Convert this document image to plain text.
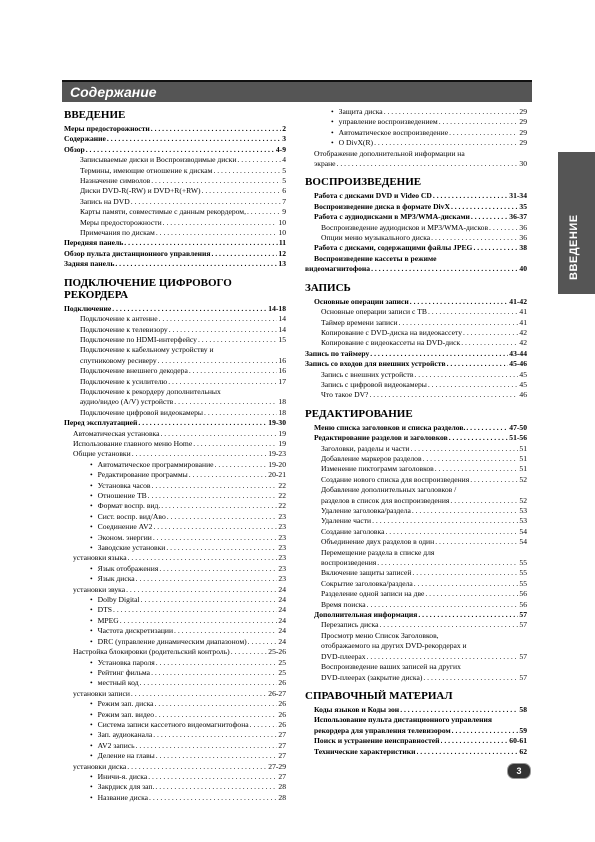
Содержание
ВВЕДЕНИЕ
ВВЕДЕНИЕ
Меры предосторожности . . .	2
Содержание . . .	3
Обзор . . .	4-9
Записываемые диски и Воспроизводимые диски . . .	4
Термины, имеющие отношение к дискам . . .	5
Назначение символов . . .	5
Диски DVD-R(-RW) и DVD+R(+RW) . . .	6
Запись на DVD . . .	7
Карты памяти, совместимые с данным рекордером, . . .	9
Меры предосторожности . . .	10
Примечания по дискам . . .	10
Передняя панель . . .	11
Обзор пульта дистанционного управления . . .	12
Задняя панель . . .	13
ПОДКЛЮЧЕНИЕ ЦИФРОВОГО РЕКОРДЕРА
Подключение . . .	14-18
Подключение к антенне . . .	14
Подключение к телевизору . . .	14
Подключение по HDMI-интерфейсу . . .	15
Подключение к кабельному устройству и
спутниковому ресиверу . . .	16
Подключение внешнего декодера . . .	16
Подключение к усилителю . . .	17
Подключение к рекордеру дополнительных
аудио/видео (A/V) устройств . . .	18
Подключение цифровой видеокамеры . . .	18
Перед эксплуатацией . . .	19-30
Автоматическая установка . . .	19
Использование главного меню Home . . .	19
Общие установки . . .	19-23
• Автоматическое программирование . . .	19-20
• Редактирование программы . . .	20-21
• Установка часов . . .	22
• Отношение ТВ . . .	22
• Формат воспр. вид. . . .	22
• Сист. воспр. вид/Aвo . . .	23
• Соединение AV2 . . .	23
• Эконом. энергии . . .	23
• Заводские установки . . .	23
установки языка . . .	23
• Язык отображения . . .	23
• Язык диска . . .	23
установки звука . . .	24
• Dolby Digital . . .	24
• DTS . . .	24
• MPEG . . .	24
• Частота дискретизации . . .	24
• DRC (управление динамическим диапазоном) . . .	24
Настройка блокировки (родительский контроль) . . .	25-26
• Установка пароля . . .	25
• Рейтинг фильма . . .	25
• местный код . . .	26
установки записи . . .	26-27
• Режим зап. диска . . .	26
• Режим зап. видео . . .	26
• Система записи кассетного видеомагнитофона . . .	26
• Зап. аудиоканала . . .	27
• AV2 запись . . .	27
• Деление на главы . . .	27
установки диска . . .	27-29
• Иничи-я. диска . . .	27
• Закрдиск для зап. . . .	28
• Название диска . . .	28
• Защита диска . . .	29
• управление воспроизведением . . .	29
• Автоматическое воспроизведение . . .	29
• O DivX(R) . . .	29
Отображение дополнительной информации на
экране . . .	30
ВОСПРОИЗВЕДЕНИЕ
Работа с дисками DVD и Video CD . . .	31-34
Воспроизведение диска в формате DivX . . .	35
Работа с аудиодисками в MP3/WMA-дисками . . .	36-37
Воспроизведение аудиодисков и MP3/WMA-дисков . . .	36
Опции меню музыкального диска . . .	36
Работа с дисками, содержащими файлы JPEG . . .	38
Воспроизведение кассеты в режиме
видеомагнитофона . . .	40
ЗАПИСЬ
Основные операции записи . . .	41-42
Основные операции записи с ТВ . . .	41
Таймер времени записи . . .	41
Копирование с DVD-диска на видеокассету . . .	42
Копирование с видеокассеты на DVD-диск . . .	42
Запись по таймеру . . .	43-44
Запись со входов для внешних устройств . . .	45-46
Запись с внешних устройств . . .	45
Запись с цифровой видеокамеры . . .	45
Что такое DV? . . .	46
РЕДАКТИРОВАНИЕ
Меню списка заголовков и списка разделов. . . .	47-50
Редактирование разделов и заголовков . . .	51-56
Заголовки, разделы и части . . .	51
Добавление маркеров разделов . . .	51
Изменение пиктограмм заголовков . . .	51
Создание нового списка для воспроизведения . . .	52
Добавление дополнительных заголовков /
разделов в список для воспроизведения . . .	52
Удаление заголовка/раздела . . .	53
Удаление части . . .	53
Создание заголовка . . .	54
Объединение двух разделов в один . . .	54
Перемещение раздела в списке для
воспроизведения . . .	55
Включение защиты записей . . .	55
Сокрытие заголовка/раздела . . .	55
Разделение одной записи на две . . .	56
Время поиска . . .	56
Дополнительная информация . . .	57
Перезапись диска . . .	57
Просмотр меню Список Заголовков,
отображаемого на других DVD-рекордерах и
DVD-плеерах . . .	57
Воспроизведение ваших записей на других
DVD-плеерах (закрытие диска) . . .	57
СПРАВОЧНЫЙ МАТЕРИАЛ
Коды языков и Коды зон . . .	58
Использование пульта дистанционного управления
рекордера для управления телевизором . . .	59
Поиск и устранение неисправностей . . .	60-61
Технические характеристики . . .	62
3
